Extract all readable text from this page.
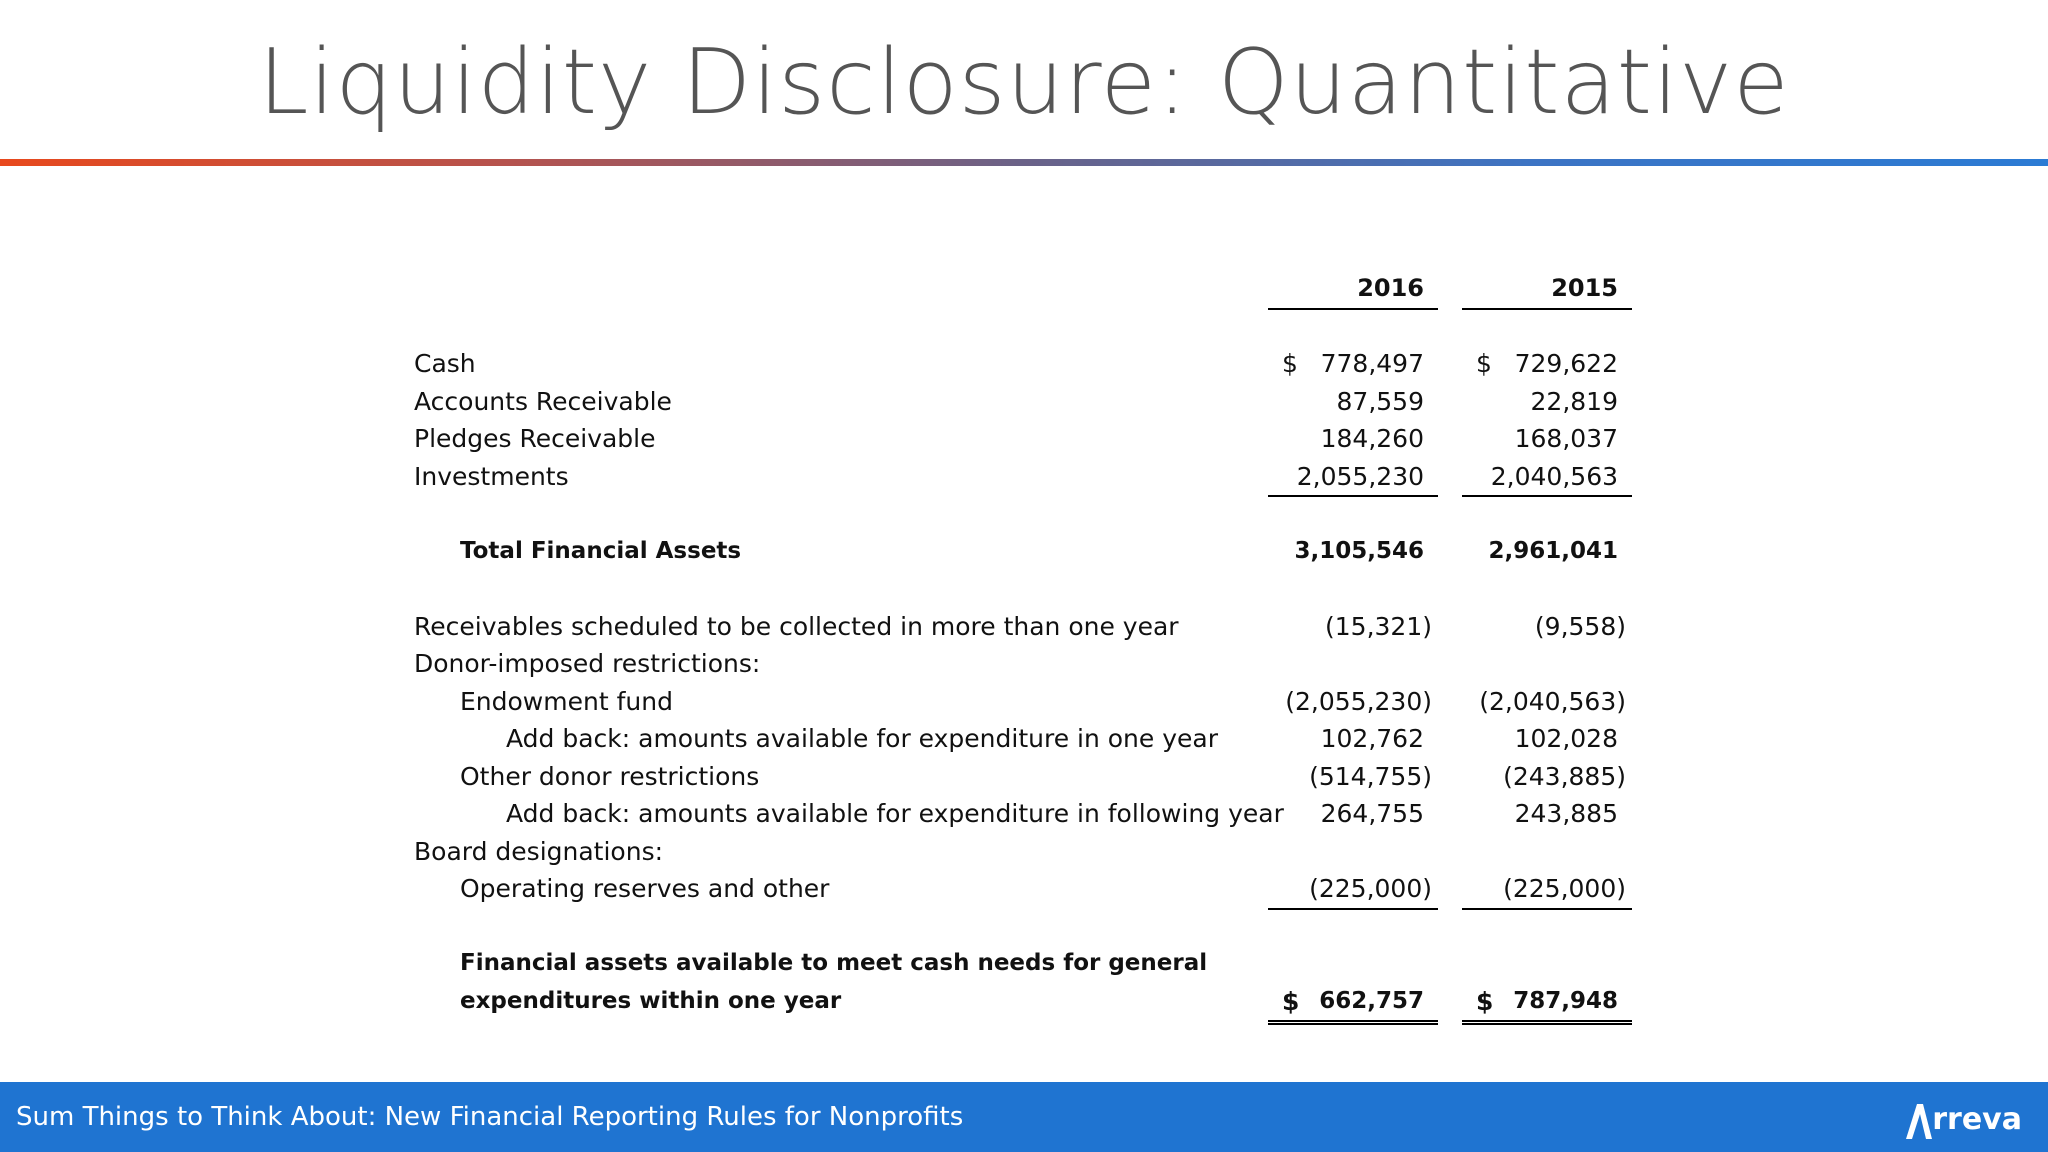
Liquidity Disclosure: Quantitative
2016	2015
Cash	$ 778,497 $ 729,622
Accounts Receivable	87,559	22,819
Pledges Receivable	184,260	168,037
Investments	2,055,230	2,040,563
Total Financial Assets	3,105,546	2,961,041
Receivables scheduled to be collected in more than one year	(15,321)	(9,558)
Donor-imposed restrictions:
Endowment fund	(2,055,230) (2,040,563)
Add back: amounts available for expenditure in one year	102,762	102,028
Other donor restrictions	(514,755)	(243,885)
Add back: amounts available for expenditure in following year 264,755	243,885
Board designations:
Operating reserves and other	(225,000)	(225,000)
Financial assets available to meet cash needs for general
expenditures within one year	$ 662,757 $ 787,948
Sum Things to Think About: New Financial Reporting Rules for Nonprofits	rreva
